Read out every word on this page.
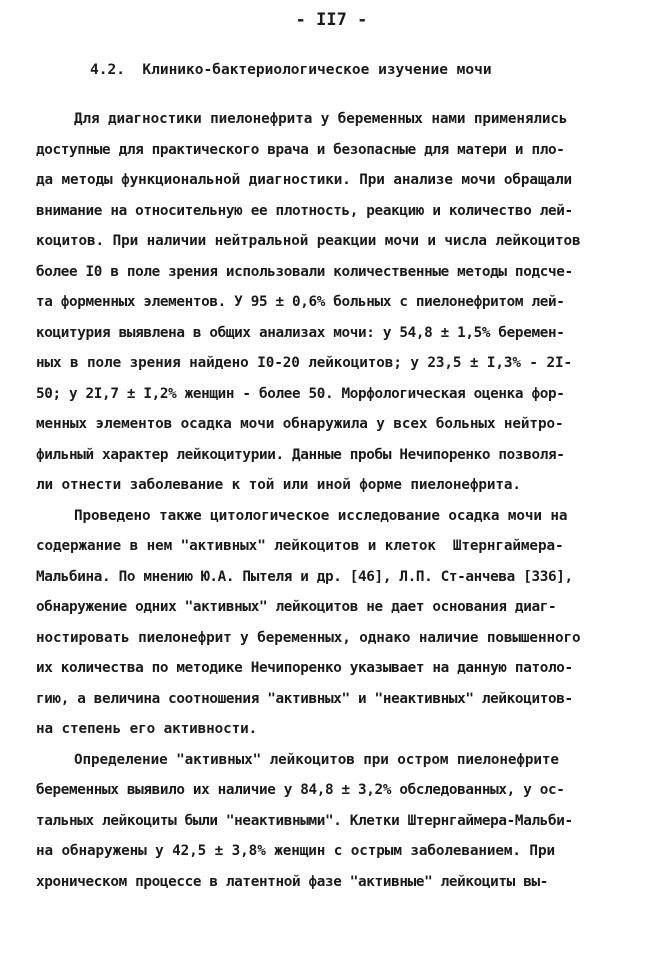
- II7 -
4.2. Клинико-бактериологическое изучение мочи
Для диагностики пиелонефрита у беременных нами применялись
доступные для практического врача и безопасные для матери и пло-
да методы функциональной диагностики. При анализе мочи обращали
внимание на относительную ее плотность, реакцию и количество лей-
коцитов. При наличии нейтральной реакции мочи и числа лейкоцитов
более I0 в поле зрения использовали количественные методы подсче-
та форменных элементов. У 95 ± 0,6% больных с пиелонефритом лей-
коцитурия выявлена в общих анализах мочи: у 54,8 ± 1,5% беремен-
ных в поле зрения найдено I0-20 лейкоцитов; у 23,5 ± I,3% - 2I-
50; у 2I,7 ± I,2% женщин - более 50. Морфологическая оценка фор-
менных элементов осадка мочи обнаружила у всех больных нейтро-
фильный характер лейкоцитурии. Данные пробы Нечипоренко позволя-
ли отнести заболевание к той или иной форме пиелонефрита.
Проведено также цитологическое исследование осадка мочи на
содержание в нем "активных" лейкоцитов и клеток  Штернгаймера-
Мальбина. По мнению Ю.А. Пытеля и др. [46], Л.П. Ст-анчева [336],
обнаружение одних "активных" лейкоцитов не дает основания диаг-
ностировать пиелонефрит у беременных, однако наличие повышенного
их количества по методике Нечипоренко указывает на данную патоло-
гию, а величина соотношения "активных" и "неактивных" лейкоцитов-
на степень его активности.
Определение "активных" лейкоцитов при остром пиелонефрите
беременных выявило их наличие у 84,8 ± 3,2% обследованных, у ос-
тальных лейкоциты были "неактивными". Клетки Штернгаймера-Мальби-
на обнаружены у 42,5 ± 3,8% женщин с острым заболеванием. При
хроническом процессе в латентной фазе "активные" лейкоциты вы-
